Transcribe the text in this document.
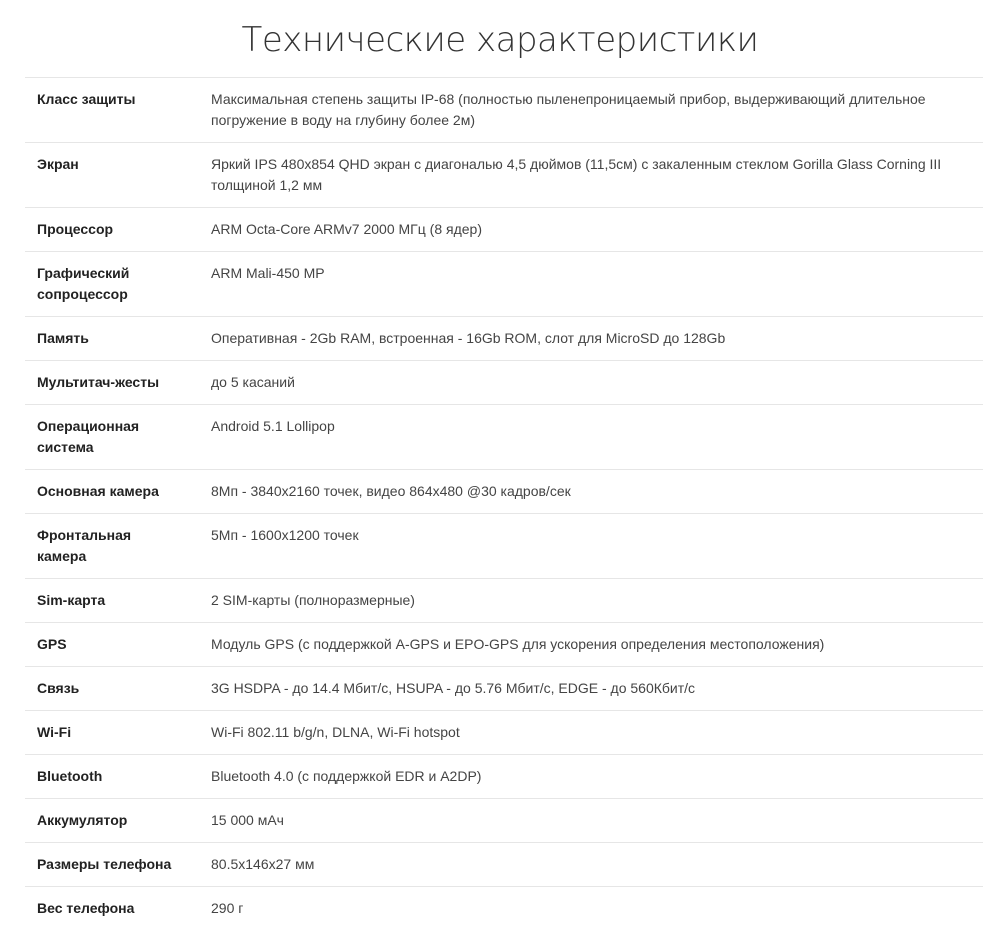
Технические характеристики
Класс защиты	Максимальная степень защиты IP-68 (полностью пыленепроницаемый прибор, выдерживающий длительное погружение в воду на глубину более 2м)
Экран	Яркий IPS 480x854 QHD экран с диагональю 4,5 дюймов (11,5см) с закаленным стеклом Gorilla Glass Corning III толщиной 1,2 мм
Процессор	ARM Octa-Core ARMv7 2000 МГц (8 ядер)
Графический сопроцессор	ARM Mali-450 MP
Память	Оперативная - 2Gb RAM, встроенная - 16Gb ROM, слот для MicroSD до 128Gb
Мультитач-жесты	до 5 касаний
Операционная система	Android 5.1 Lollipop
Основная камера	8Мп - 3840x2160 точек, видео 864x480 @30 кадров/сек
Фронтальная камера	5Мп - 1600x1200 точек
Sim-карта	2 SIM-карты (полноразмерные)
GPS	Модуль GPS (с поддержкой A-GPS и EPO-GPS для ускорения определения местоположения)
Связь	3G HSDPA - до 14.4 Мбит/с, HSUPA - до 5.76 Мбит/с, EDGE - до 560Кбит/с
Wi-Fi	Wi-Fi 802.11 b/g/n, DLNA, Wi-Fi hotspot
Bluetooth	Bluetooth 4.0 (с поддержкой EDR и A2DP)
Аккумулятор	15 000 мАч
Размеры телефона	80.5x146x27 мм
Вес телефона	290 г
